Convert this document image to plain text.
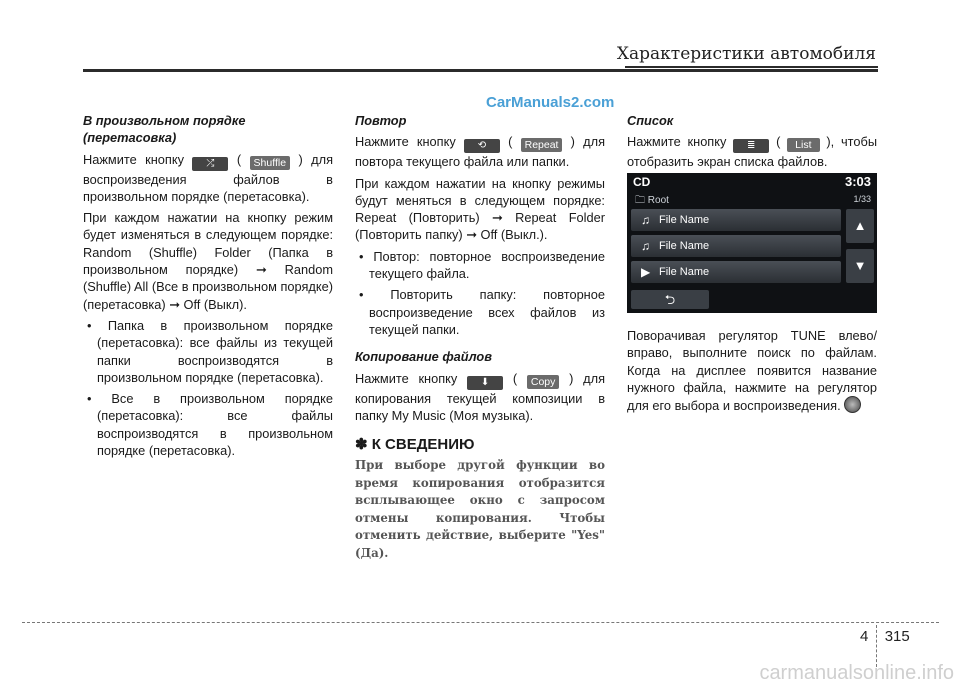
Характеристики автомобиля
CarManuals2.com
В произвольном порядке (перетасовка)

Нажмите кнопку ⤮ ( Shuffle ) для воспроизведения файлов в произвольном порядке (перетасовка).

При каждом нажатии на кнопку режим будет изменяться в следующем порядке: Random (Shuffle) Folder (Папка в произвольном порядке) ➞ Random (Shuffle) All (Все в произвольном порядке) (перетасовка) ➞ Off (Выкл).

• Папка в произвольном порядке (перетасовка): все файлы из текущей папки воспроизводятся в произвольном порядке (перетасовка).

• Все в произвольном порядке (перетасовка): все файлы воспроизводятся в произвольном порядке (перетасовка).

Повтор

Нажмите кнопку ⟲ ( Repeat ) для повтора текущего файла или папки.

При каждом нажатии на кнопку режимы будут меняться в следующем порядке: Repeat (Повторить) ➞ Repeat Folder (Повторить папку) ➞ Off (Выкл.).

• Повтор: повторное воспроизведение текущего файла.

• Повторить папку: повторное воспроизведение всех файлов из текущей папки.

Копирование файлов

Нажмите кнопку ⬇ ( Copy ) для копирования текущей композиции в папку My Music (Моя музыка).

✽ К СВЕДЕНИЮ
При выборе другой функции во время копирования отобразится всплывающее окно с запросом отмены копирования. Чтобы отменить действие, выберите "Yes" (Да).
Список

Нажмите кнопку ≣ ( List ), чтобы отобразить экран списка файлов.

CD	3:03
🗀 Root	1/33
♫ File Name
♫ File Name
▶ File Name
▲
▼
⮌

Поворачивая регулятор TUNE влево/вправо, выполните поиск по файлам. Когда на дисплее появится название нужного файла, нажмите на регулятор для его выбора и воспроизведения.

4 315
carmanualsonline.info
